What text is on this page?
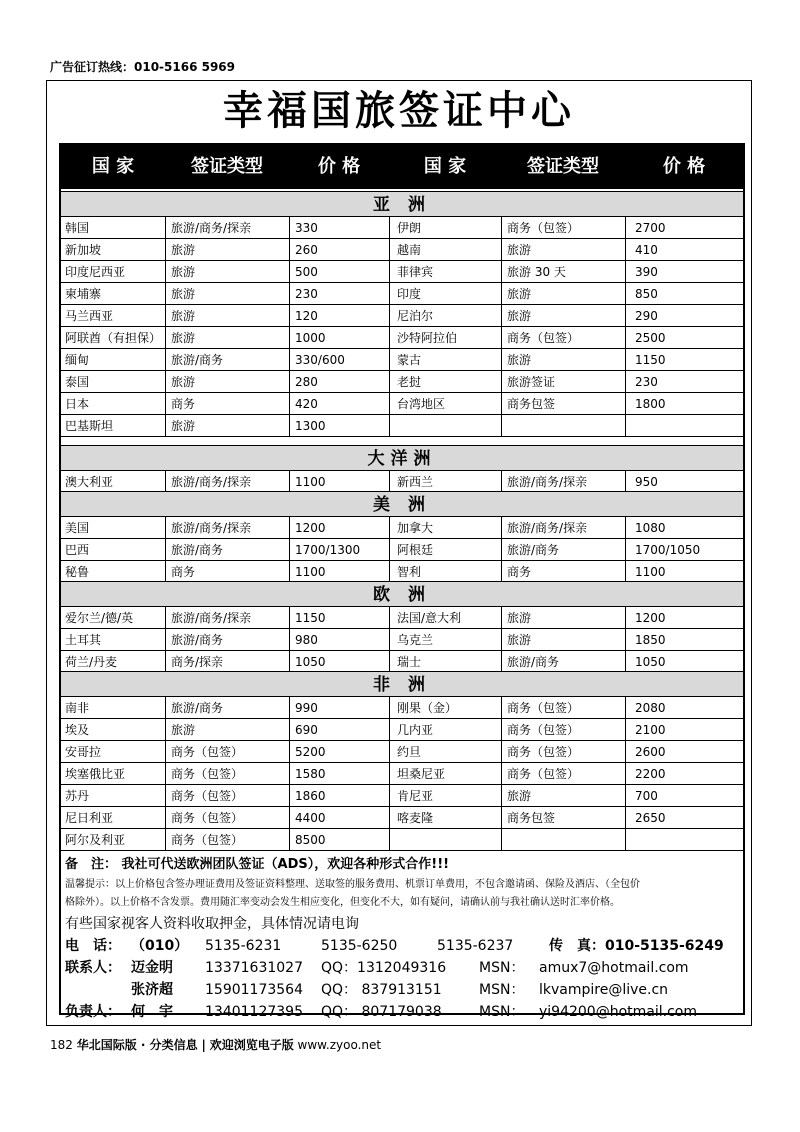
广告征订热线：010-5166 5969
幸福国旅签证中心
国 家	签证类型	价 格	国 家	签证类型	价 格
亚 洲
韩国	旅游/商务/探亲	330	伊朗	商务（包签）	2700
新加坡	旅游	260	越南	旅游	410
印度尼西亚	旅游	500	菲律宾	旅游 30 天	390
柬埔寨	旅游	230	印度	旅游	850
马兰西亚	旅游	120	尼泊尔	旅游	290
阿联酋（有担保） 旅游	1000	沙特阿拉伯	商务（包签）	2500
缅甸	旅游/商务	330/600	蒙古	旅游	1150
泰国	旅游	280	老挝	旅游签证	230
日本	商务	420	台湾地区	商务包签	1800
巴基斯坦	旅游	1300
大洋洲
澳大利亚	旅游/商务/探亲	1100	新西兰	旅游/商务/探亲	950
美 洲
美国	旅游/商务/探亲	1200	加拿大	旅游/商务/探亲	1080
巴西	旅游/商务	1700/1300	阿根廷	旅游/商务	1700/1050
秘鲁	商务	1100	智利	商务	1100
欧 洲
爱尔兰/德/英	旅游/商务/探亲	1150	法国/意大利	旅游	1200
土耳其	旅游/商务	980	乌克兰	旅游	1850
荷兰/丹麦	商务/探亲	1050	瑞士	旅游/商务	1050
非 洲
南非	旅游/商务	990	刚果（金）	商务（包签）	2080
埃及	旅游	690	几内亚	商务（包签）	2100
安哥拉	商务（包签）	5200	约旦	商务（包签）	2600
埃塞俄比亚	商务（包签）	1580	坦桑尼亚	商务（包签）	2200
苏丹	商务（包签）	1860	肯尼亚	旅游	700
尼日利亚	商务（包签）	4400	喀麦隆	商务包签	2650
阿尔及利亚	商务（包签）	8500
备　注： 我社可代送欧洲团队签证（ADS），欢迎各种形式合作!!!
温馨提示：以上价格包含签办理证费用及签证资料整理、送取签的服务费用、机票订单费用，不包含邀请函、保险及酒店、（全包价
格除外）。以上价格不含发票。费用随汇率变动会发生相应变化，但变化不大，如有疑问，请确认前与我社确认送时汇率价格。
有些国家视客人资料收取押金，具体情况请电询
电　话： （010） 5135-6231	5135-6250	5135-6237	传　真：010-5135-6249
联系人： 迈金明 13371631027 QQ：1312049316 MSN： amux7@hotmail.com
张济超 15901173564 QQ： 837913151	MSN： lkvampire@live.cn
负责人： 何　宇 13401127395 QQ： 807179038	MSN： yi94200@hotmail.com
182 华北国际版 · 分类信息 | 欢迎浏览电子版 www.zyoo.net
